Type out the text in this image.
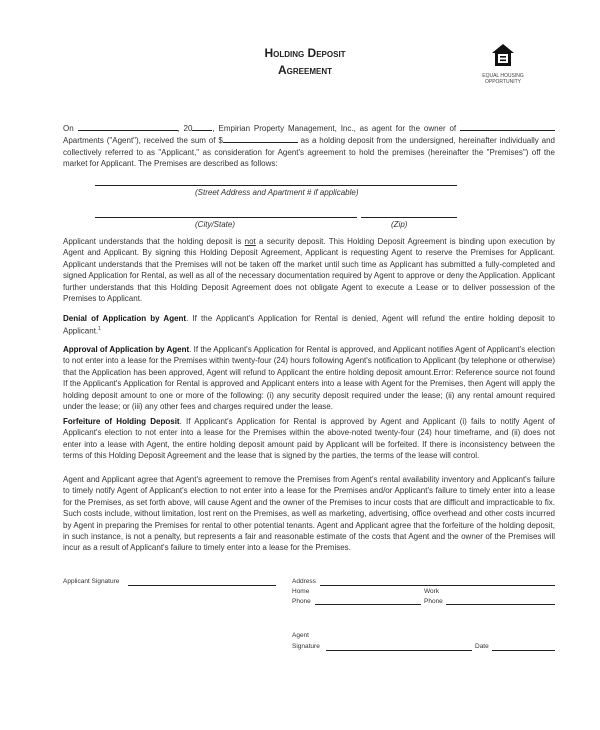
Holding Deposit
Agreement	EQUAL HOUSING
OPPORTUNITY
On	, 20	, Empirian Property Management, Inc., as agent for the owner of  Apartments ("Agent"), received the sum of $	as a holding deposit from the undersigned, hereinafter individually and collectively referred to as "Applicant," as consideration for Agent's agreement to hold the premises (hereinafter the "Premises") off the market for Applicant. The Premises are described as follows:
(Street Address and Apartment # if applicable)
(City/State)	(Zip)
Applicant understands that the holding deposit is not a security deposit. This Holding Deposit Agreement is binding upon execution by Agent and Applicant. By signing this Holding Deposit Agreement, Applicant is requesting Agent to reserve the Premises for Applicant. Applicant understands that the Premises will not be taken off the market until such time as Applicant has submitted a fully-completed and signed Application for Rental, as well as all of the necessary documentation required by Agent to approve or deny the Application. Applicant further understands that this Holding Deposit Agreement does not obligate Agent to execute a Lease or to deliver possession of the Premises to Applicant.
Denial of Application by Agent. If the Applicant's Application for Rental is denied, Agent will refund the entire holding deposit to Applicant.$^1$
Approval of Application by Agent. If the Applicant's Application for Rental is approved, and Applicant notifies Agent of Applicant's election to not enter into a lease for the Premises within twenty-four (24) hours following Agent's notification to Applicant (by telephone or otherwise) that the Application has been approved, Agent will refund to Applicant the entire holding deposit amount.Error: Reference source not found If the Applicant's Application for Rental is approved and Applicant enters into a lease with Agent for the Premises, then Agent will apply the holding deposit amount to one or more of the following: (i) any security deposit required under the lease; (ii) any rental amount required under the lease; or (iii) any other fees and charges required under the lease.
Forfeiture of Holding Deposit. If Applicant's Application for Rental is approved by Agent and Applicant (i) fails to notify Agent of Applicant's election to not enter into a lease for the Premises within the above-noted twenty-four (24) hour timeframe, and (ii) does not enter into a lease with Agent, the entire holding deposit amount paid by Applicant will be forfeited. If there is inconsistency between the terms of this Holding Deposit Agreement and the lease that is signed by the parties, the terms of the lease will control.
Agent and Applicant agree that Agent's agreement to remove the Premises from Agent's rental availability inventory and Applicant's failure to timely notify Agent of Applicant's election to not enter into a lease for the Premises and/or Applicant's failure to timely enter into a lease for the Premises, as set forth above, will cause Agent and the owner of the Premises to incur costs that are difficult and impracticable to fix. Such costs include, without limitation, lost rent on the Premises, as well as marketing, advertising, office overhead and other costs incurred by Agent in preparing the Premises for rental to other potential tenants. Agent and Applicant agree that the forfeiture of the holding deposit, in such instance, is not a penalty, but represents a fair and reasonable estimate of the costs that Agent and the owner of the Premises will incur as a result of Applicant's failure to timely enter into a lease for the Premises.
Applicant Signature	Address
Home	Work
Phone	Phone
Agent
Signature	Date
